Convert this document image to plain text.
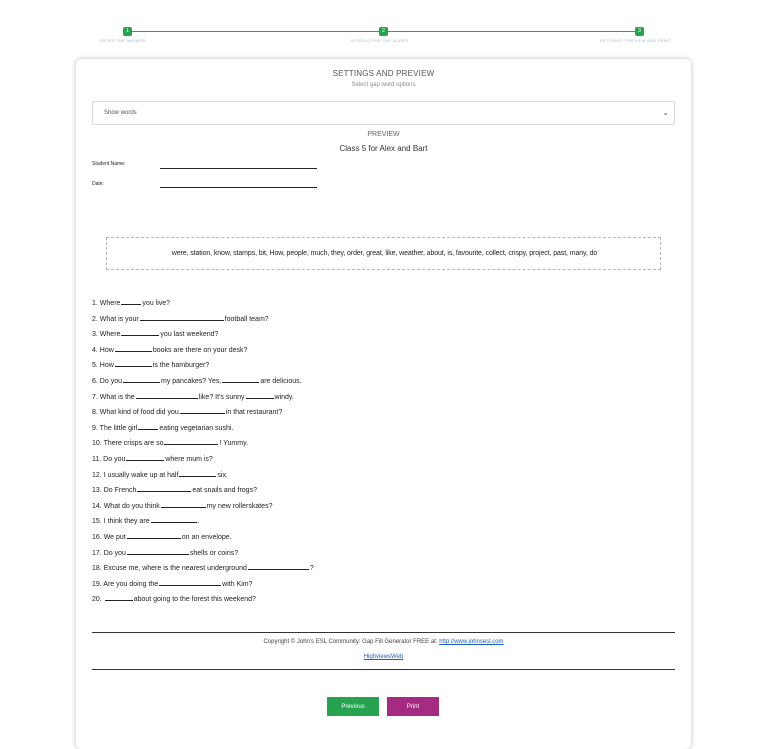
1	2	3
ENTER THE ANSWER	INTERACTIVE GAP-ADDER	SETTINGS, PREVIEW AND PRINT
SETTINGS AND PREVIEW
Select gap word options
Show words	⌄
PREVIEW
Class 5 for Alex and Bart
Student Name:
Date:
were, station, know, stamps, bit, How, people, much, they, order, great, like, weather, about, is, favourite, collect, crispy, project, past, many, do
1. Where	you live?
2. What is your	football team?
3. Where	you last weekend?
4. How	books are there on your desk?
5. How	is the hamburger?
6. Do you	my pancakes? Yes,	are delicious.
7. What is the	like? It's sunny	windy.
8. What kind of food did you	in that restaurant?
9. The little girl	eating vegetarian sushi.
10. There crisps are so	! Yummy.
11. Do you	where mum is?
12. I usually wake up at half	six.
13. Do French	eat snails and frogs?
14. What do you think	my new rollerskates?
15. I think they are	.
16. We put	on an envelope.
17. Do you	shells or coins?
18. Excuse me, where is the nearest underground	?
19. Are you doing the	with Kim?
20.	about going to the forest this weekend?
Copyright © John's ESL Community: Gap Fill Generator FREE at: http://www.johnsesl.com
HighviewsWeb
Previous	Print
